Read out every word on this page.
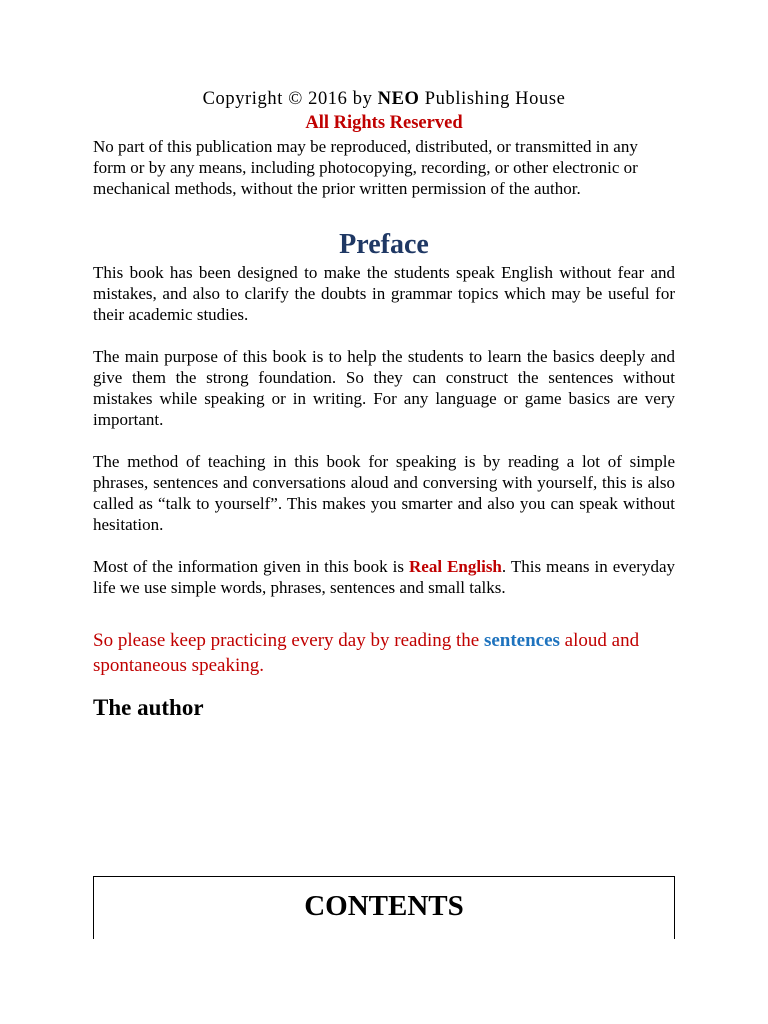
Copyright © 2016 by NEO Publishing House

All Rights Reserved

No part of this publication may be reproduced, distributed, or transmitted in any form or by any means, including photocopying, recording, or other electronic or mechanical methods, without the prior written permission of the author.

Preface

This book has been designed to make the students speak English without fear and mistakes, and also to clarify the doubts in grammar topics which may be useful for their academic studies.

The main purpose of this book is to help the students to learn the basics deeply and give them the strong foundation. So they can construct the sentences without mistakes while speaking or in writing. For any language or game basics are very important.

The method of teaching in this book for speaking is by reading a lot of simple phrases, sentences and conversations aloud and conversing with yourself, this is also called as “talk to yourself”. This makes you smarter and also you can speak without hesitation.

Most of the information given in this book is Real English. This means in everyday life we use simple words, phrases, sentences and small talks.

So please keep practicing every day by reading the sentences aloud and spontaneous speaking.

The author

CONTENTS
